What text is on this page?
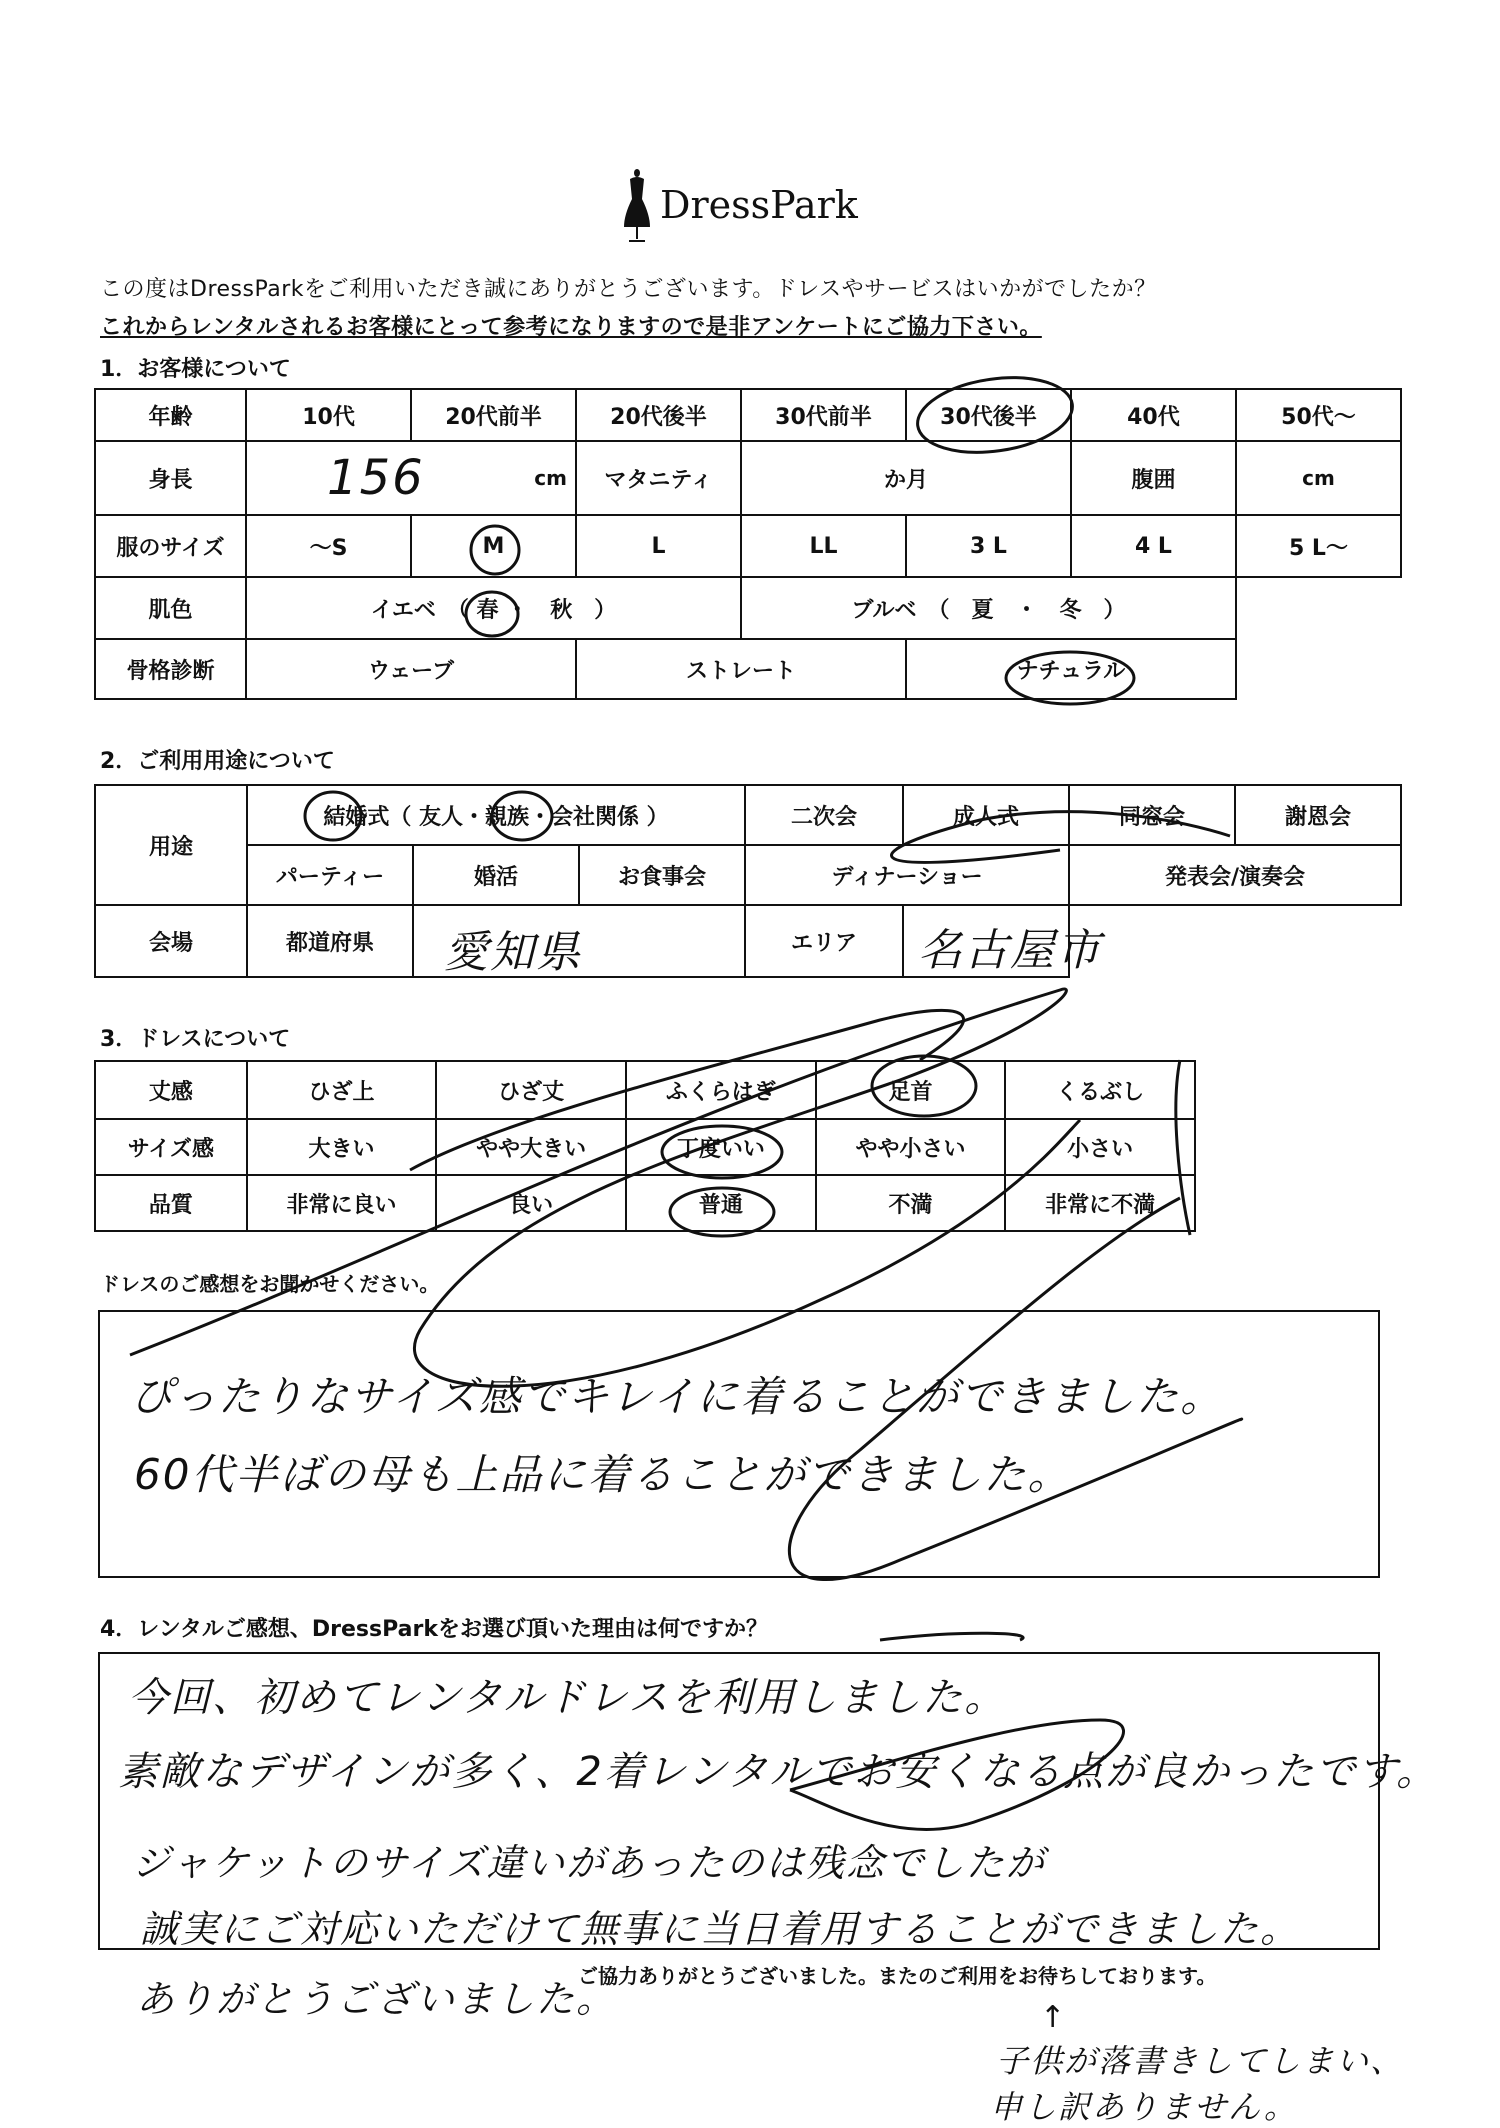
DressPark
この度はDressParkをご利用いただき誠にありがとうございます。ドレスやサービスはいかがでしたか？
これからレンタルされるお客様にとって参考になりますので是非アンケートにご協力下さい。
1．お客様について
年齢	10代	20代前半	20代後半	30代前半	30代後半	40代	50代～
身長	156 cm		マタニティ	か月		腹囲	cm
服のサイズ	～S	M	L	LL	3 L	4 L	5 L～
肌色	イエベ　（ 春 ・　秋　）			ブルベ　（　夏　・　冬　）			
骨格診断	ウェーブ		ストレート		ナチュラル		
2．ご利用用途について
用途	結婚式（ 友人・親族・会社関係 ）			二次会	成人式	同窓会	謝恩会
	パーティー	婚活	お食事会	ディナーショー		発表会/演奏会	
会場	都道府県	愛知県		エリア	名古屋市		

3．ドレスについて
丈感	ひざ上	ひざ丈	ふくらはぎ	足首	くるぶし
サイズ感	大きい	やや大きい	丁度いい	やや小さい	小さい
品質	非常に良い	良い	普通	不満	非常に不満
ドレスのご感想をお聞かせください。
ぴったりなサイズ感でキレイに着ることができました。
60代半ばの母も上品に着ることができました。
4．レンタルご感想、DressParkをお選び頂いた理由は何ですか？
今回、初めてレンタルドレスを利用しました。
素敵なデザインが多く、2着レンタルでお安くなる点が良かったです。
ジャケットのサイズ違いがあったのは残念でしたが
誠実にご対応いただけて無事に当日着用することができました。
ご協力ありがとうございました。またのご利用をお待ちしております。
ありがとうございました。	↑
子供が落書きしてしまい、
申し訳ありません。
